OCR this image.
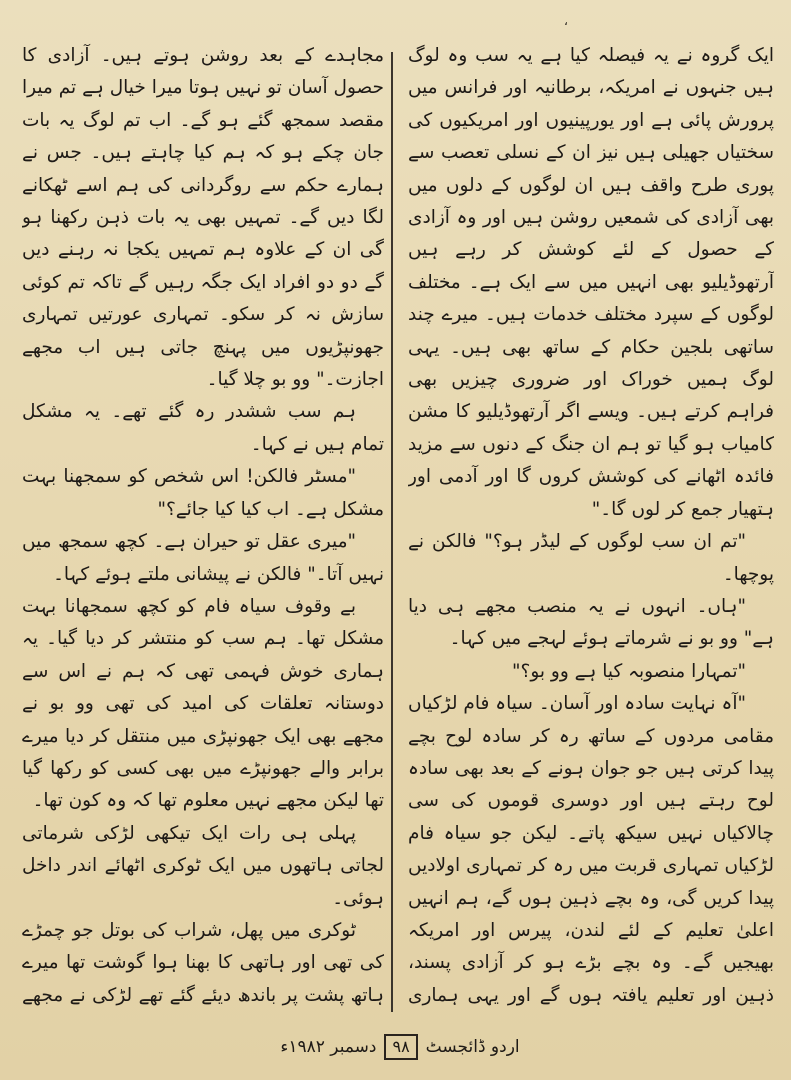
،

ایک گروہ نے یہ فیصلہ کیا ہے یہ سب وہ لوگ ہیں جنہوں نے امریکہ، برطانیہ اور فرانس میں پرورش پائی ہے اور یورپینیوں اور امریکیوں کی سختیاں جھیلی ہیں نیز ان کے نسلی تعصب سے پوری طرح واقف ہیں ان لوگوں کے دلوں میں بھی آزادی کی شمعیں روشن ہیں اور وہ آزادی کے حصول کے لئے کوشش کر رہے ہیں آرتھوڈیلیو بھی انہیں میں سے ایک ہے۔ مختلف لوگوں کے سپرد مختلف خدمات ہیں۔ میرے چند ساتھی بلجین حکام کے ساتھ بھی ہیں۔ یہی لوگ ہمیں خوراک اور ضروری چیزیں بھی فراہم کرتے ہیں۔ ویسے اگر آرتھوڈیلیو کا مشن کامیاب ہو گیا تو ہم ان جنگ کے دنوں سے مزید فائدہ اٹھانے کی کوشش کروں گا اور آدمی اور ہتھیار جمع کر لوں گا۔"

"تم ان سب لوگوں کے لیڈر ہو؟" فالکن نے پوچھا۔

"ہاں۔ انہوں نے یہ منصب مجھے ہی دیا ہے" وو بو نے شرماتے ہوئے لہجے میں کہا۔

"تمہارا منصوبہ کیا ہے وو بو؟"

"آہ نہایت سادہ اور آسان۔ سیاہ فام لڑکیاں مقامی مردوں کے ساتھ رہ کر سادہ لوح بچے پیدا کرتی ہیں جو جوان ہونے کے بعد بھی سادہ لوح رہتے ہیں اور دوسری قوموں کی سی چالاکیاں نہیں سیکھ پاتے۔ لیکن جو سیاہ فام لڑکیاں تمہاری قربت میں رہ کر تمہاری اولادیں پیدا کریں گی، وہ بچے ذہین ہوں گے، ہم انہیں اعلیٰ تعلیم کے لئے لندن، پیرس اور امریکہ بھیجیں گے۔ وہ بچے بڑے ہو کر آزادی پسند، ذہین اور تعلیم یافتہ ہوں گے اور یہی ہماری

مجاہدے کے بعد روشن ہوتے ہیں۔ آزادی کا حصول آسان تو نہیں ہوتا میرا خیال ہے تم میرا مقصد سمجھ گئے ہو گے۔ اب تم لوگ یہ بات جان چکے ہو کہ ہم کیا چاہتے ہیں۔ جس نے ہمارے حکم سے روگردانی کی ہم اسے ٹھکانے لگا دیں گے۔ تمہیں بھی یہ بات ذہن رکھنا ہو گی ان کے علاوہ ہم تمہیں یکجا نہ رہنے دیں گے دو دو افراد ایک جگہ رہیں گے تاکہ تم کوئی سازش نہ کر سکو۔ تمہاری عورتیں تمہاری جھونپڑیوں میں پہنچ جاتی ہیں اب مجھے اجازت۔" وو بو چلا گیا۔

ہم سب ششدر رہ گئے تھے۔ یہ مشکل تمام ہیں نے کہا۔

"مسٹر فالکن! اس شخص کو سمجھنا بہت مشکل ہے۔ اب کیا کیا جائے؟"

"میری عقل تو حیران ہے۔ کچھ سمجھ میں نہیں آتا۔" فالکن نے پیشانی ملتے ہوئے کہا۔

بے وقوف سیاہ فام کو کچھ سمجھانا بہت مشکل تھا۔ ہم سب کو منتشر کر دیا گیا۔ یہ ہماری خوش فہمی تھی کہ ہم نے اس سے دوستانہ تعلقات کی امید کی تھی وو بو نے مجھے بھی ایک جھونپڑی میں منتقل کر دیا میرے برابر والے جھونپڑے میں بھی کسی کو رکھا گیا تھا لیکن مجھے نہیں معلوم تھا کہ وہ کون تھا۔

پہلی ہی رات ایک تیکھی لڑکی شرماتی لجاتی ہاتھوں میں ایک ٹوکری اٹھائے اندر داخل ہوئی۔

ٹوکری میں پھل، شراب کی بوتل جو چمڑے کی تھی اور ہاتھی کا بھنا ہوا گوشت تھا میرے ہاتھ پشت پر باندھ دیئے گئے تھے لڑکی نے مجھے

اردو ڈائجسٹ
۹۸
دسمبر ۱۹۸۲ء
